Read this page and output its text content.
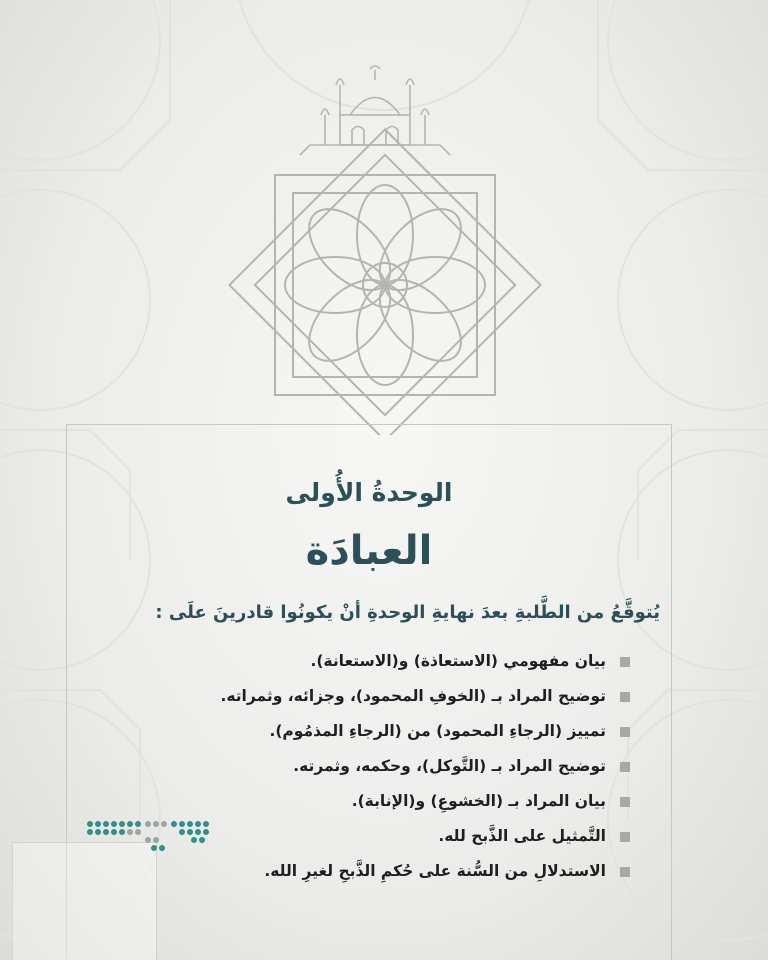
الوحدةُ الأُولى
العبادَة
يُتوقَّعُ من الطَّلبةِ بعدَ نهايةِ الوحدةِ أنْ يكونُوا قادرينَ علَى :
بيان مفهومي (الاستعاذة) و(الاستعانة).
توضيح المراد بـ (الخوفِ المحمود)، وجزائه، وثمراته.
تمييز (الرجاءِ المحمود) من (الرجاءِ المذمُوم).
توضيح المراد بـ (التَّوكل)، وحكمه، وثمرته.
بيان المراد بـ (الخشوعِ) و(الإنابة).
التَّمثيل على الذَّبح لله.
الاستدلالِ من السُّنة على حُكمِ الذَّبحِ لغيرِ الله.
